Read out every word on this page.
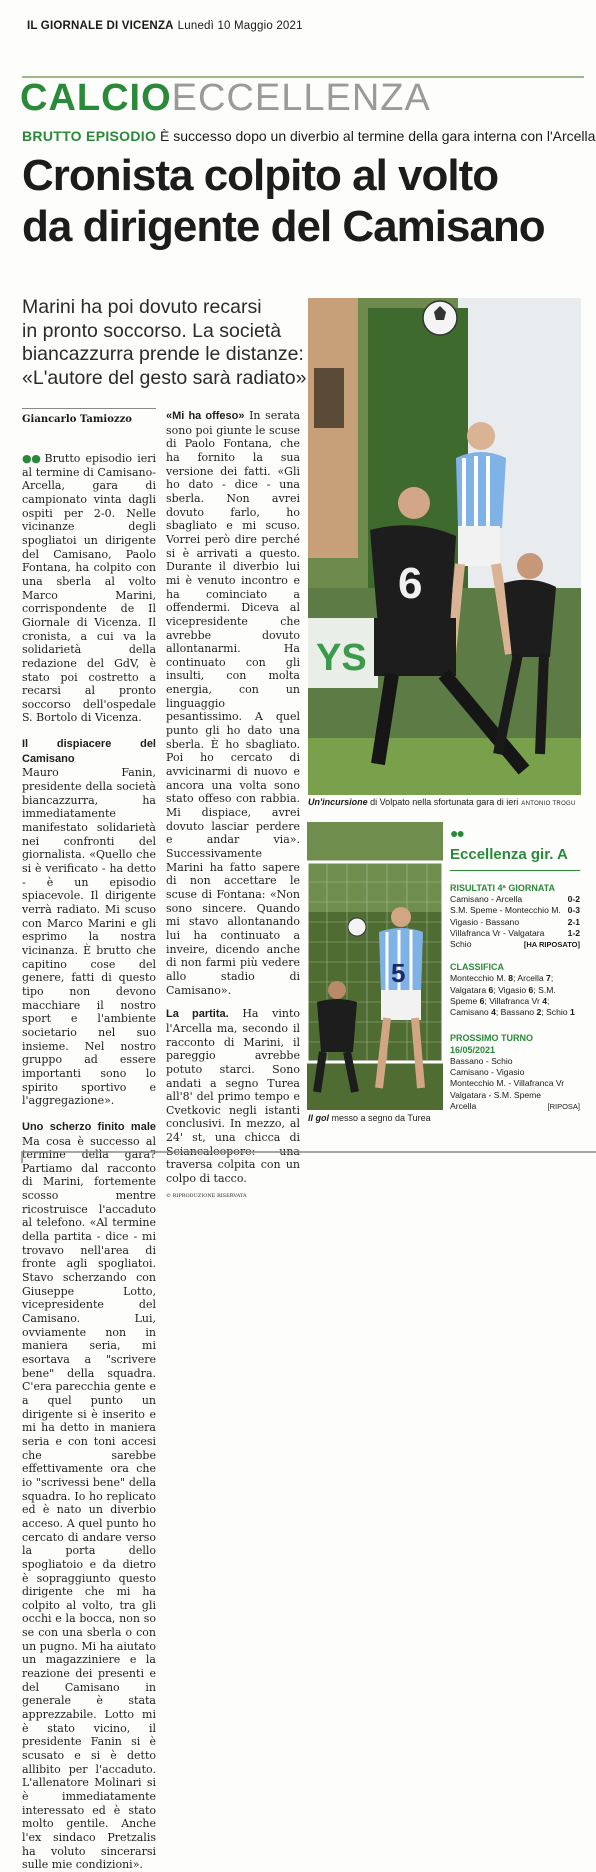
IL GIORNALE DI VICENZA Lunedì 10 Maggio 2021
CALCIOECCELLENZA
BRUTTO EPISODIO È successo dopo un diverbio al termine della gara interna con l'Arcella
Cronista colpito al volto
da dirigente del Camisano
Marini ha poi dovuto recarsi
in pronto soccorso. La società
biancazzurra prende le distanze:
«L'autore del gesto sarà radiato»
Giancarlo Tamiozzo

●● Brutto episodio ieri al termine di Camisano-Arcella, gara di campionato vinta dagli ospiti per 2-0. Nelle vicinanze degli spogliatoi un dirigente del Camisano, Paolo Fontana, ha colpito con una sberla al volto Marco Marini, corrispondente de Il Giornale di Vicenza. Il cronista, a cui va la solidarietà della redazione del GdV, è stato poi costretto a recarsi al pronto soccorso dell'ospedale S. Bortolo di Vicenza.

Il dispiacere del Camisano
Mauro Fanin, presidente della società biancazzurra, ha immediatamente manifestato solidarietà nei confronti del giornalista. «Quello che si è verificato - ha detto - è un episodio spiacevole. Il dirigente verrà radiato. Mi scuso con Marco Marini e gli esprimo la nostra vicinanza. È brutto che capitino cose del genere, fatti di questo tipo non devono macchiare il nostro sport e l'ambiente societario nel suo insieme. Nel nostro gruppo ad essere importanti sono lo spirito sportivo e l'aggregazione».

Uno scherzo finito male Ma cosa è successo al termine della gara? Partiamo dal racconto di Marini, fortemente scosso mentre ricostruisce l'accaduto al telefono. «Al termine della partita - dice - mi trovavo nell'area di fronte agli spogliatoi. Stavo scherzando con Giuseppe Lotto, vicepresidente del Camisano. Lui, ovviamente non in maniera seria, mi esortava a "scrivere bene" della squadra. C'era parecchia gente e a quel punto un dirigente si è inserito e mi ha detto in maniera seria e con toni accesi che sarebbe effettivamente ora che io "scrivessi bene" della squadra. Io ho replicato ed è nato un diverbio acceso. A quel punto ho cercato di andare verso la porta dello spogliatoio e da dietro è sopraggiunto questo dirigente che mi ha colpito al volto, tra gli occhi e la bocca, non so se con una sberla o con un pugno. Mi ha aiutato un magazziniere e la reazione dei presenti e del Camisano in generale è stata apprezzabile. Lotto mi è stato vicino, il presidente Fanin si è scusato e si è detto allibito per l'accaduto. L'allenatore Molinari si è immediatamente interessato ed è stato molto gentile. Anche l'ex sindaco Pretzalis ha voluto sincerarsi sulle mie condizioni».

«Mi ha offeso» In serata sono poi giunte le scuse di Paolo Fontana, che ha fornito la sua versione dei fatti. «Gli ho dato - dice - una sberla. Non avrei dovuto farlo, ho sbagliato e mi scuso. Vorrei però dire perché si è arrivati a questo. Durante il diverbio lui mi è venuto incontro e ha cominciato a offendermi. Diceva al vicepresidente che avrebbe dovuto allontanarmi. Ha continuato con gli insulti, con molta energia, con un linguaggio pesantissimo. A quel punto gli ho dato una sberla. È ho sbagliato. Poi ho cercato di avvicinarmi di nuovo e ancora una volta sono stato offeso con rabbia. Mi dispiace, avrei dovuto lasciar perdere e andar via». Successivamente Marini ha fatto sapere di non accettare le scuse di Fontana: «Non sono sincere. Quando mi stavo allontanando lui ha continuato a inveire, dicendo anche di non farmi più vedere allo stadio di Camisano».

La partita. Ha vinto l'Arcella ma, secondo il racconto di Marini, il pareggio avrebbe potuto starci. Sono andati a segno Turea all'8' del primo tempo e Cvetkovic negli istanti conclusivi. In mezzo, al 24' st, una chicca di Sciancaleopore: una traversa colpita con un colpo di tacco.

© RIPRODUZIONE RISERVATA

YS
6
Un'incursione di Volpato nella sfortunata gara di ieri ANTONIO TROGU
5
Il gol messo a segno da Turea
●●
Eccellenza gir. A
RISULTATI 4ª GIORNATA
Camisano - Arcella	0-2
S.M. Speme - Montecchio M. 0-3
Vigasio - Bassano	2-1
Villafranca Vr - Valgatara	1-2
Schio	[HA RIPOSATO]
CLASSIFICA
Montecchio M. 8; Arcella 7; Valgatara 6; Vigasio 6; S.M. Speme 6; Villafranca Vr 4; Camisano 4; Bassano 2; Schio 1
PROSSIMO TURNO 16/05/2021
Bassano - Schio
Camisano - Vigasio
Montecchio M. - Villafranca Vr
Valgatara - S.M. Speme
Arcella	[RIPOSA]
